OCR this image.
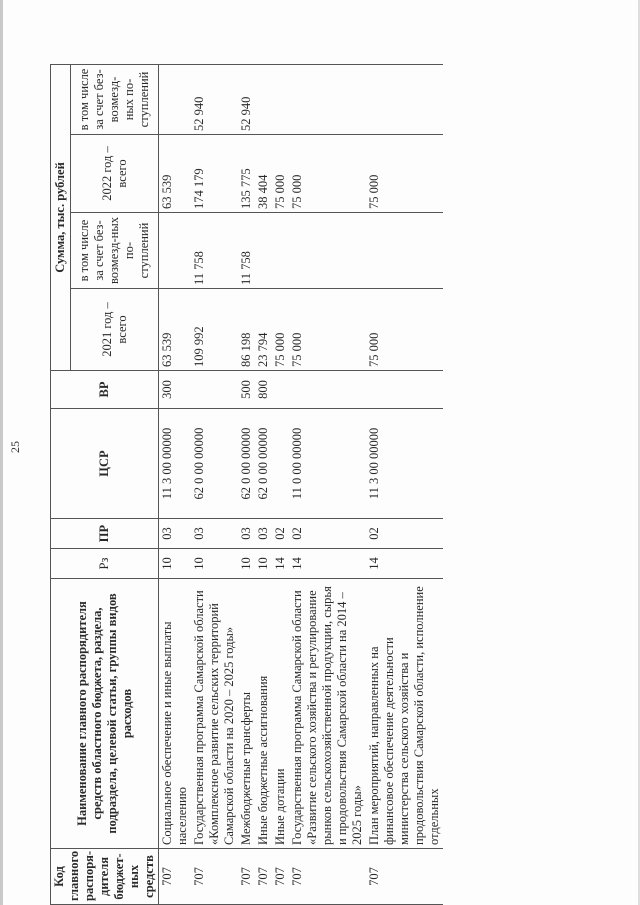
25
Код главного распоря-дителя бюджет-ных средств	Наименование главного распорядителя средств областного бюджета, раздела, подраздела, целевой статьи, группы видов расходов	Рз	ПР	ЦСР	ВР	Сумма, тыс. рублей			
						2021 год – всего	в том числе за счет без-возмезд-ных по-ступлений	2022 год – всего	в том числе за счет без-возмезд-ных по-ступлений
707	Социальное обеспечение и иные выплаты населению	10	03	11 3 00 00000	300	63 539		63 539	
707	Государственная программа Самарской области «Комплексное развитие сельских территорий Самарской области на 2020 – 2025 годы»	10	03	62 0 00 00000		109 992	11 758	174 179	52 940
707	Межбюджетные трансферты	10	03	62 0 00 00000	500	86 198	11 758	135 775	52 940
707	Иные бюджетные ассигнования	10	03	62 0 00 00000	800	23 794		38 404	
707	Иные дотации	14	02			75 000		75 000	
707	Государственная программа Самарской области «Развитие сельского хозяйства и регулирование рынков сельскохозяйственной продукции, сырья и продовольствия Самарской области на 2014 – 2025 годы»	14	02	11 0 00 00000		75 000		75 000	
707	План мероприятий, направленных на финансовое обеспечение деятельности министерства сельского хозяйства и продовольствия Самарской области, исполнение отдельных	14	02	11 3 00 00000		75 000		75 000	
